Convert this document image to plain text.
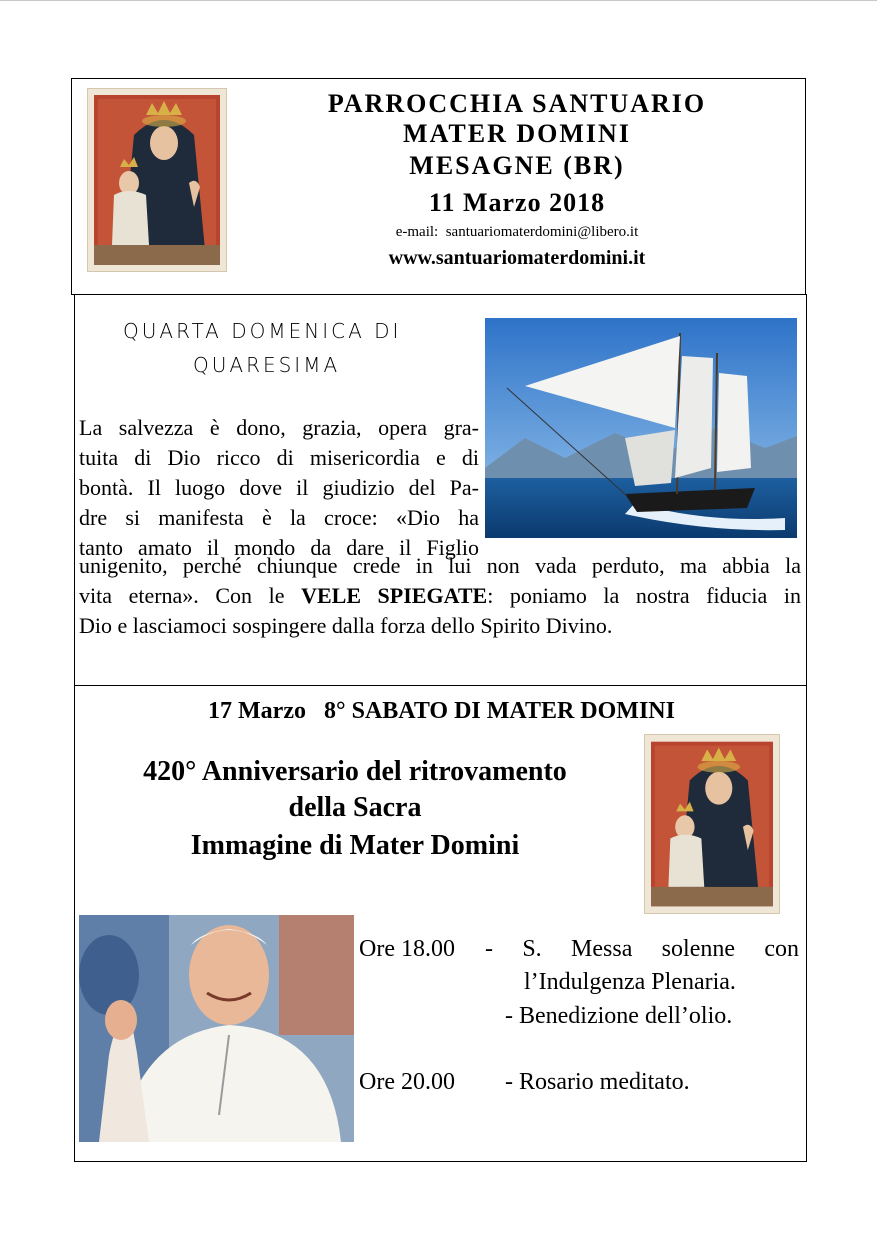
PARROCCHIA SANTUARIO
MATER DOMINI
MESAGNE (BR)
11 Marzo 2018
e-mail: santuariomaterdomini@libero.it
www.santuariomaterdomini.it
QUARTA DOMENICA DI
QUARESIMA
La salvezza è dono, grazia, opera gra-
tuita di Dio ricco di misericordia e di
bontà. Il luogo dove il giudizio del Pa-
dre si manifesta è la croce: «Dio ha
tanto amato il mondo da dare il Figlio
unigenito, perché chiunque crede in lui non vada perduto, ma abbia la
vita eterna». Con le VELE SPIEGATE: poniamo la nostra fiducia in
Dio e lasciamoci sospingere dalla forza dello Spirito Divino.
17 Marzo 8° SABATO DI MATER DOMINI
420° Anniversario del ritrovamento
della Sacra
Immagine di Mater Domini
Ore 18.00 - S. Messa solenne con
l’Indulgenza Plenaria.
- Benedizione dell’olio.
Ore 20.00 - Rosario meditato.
